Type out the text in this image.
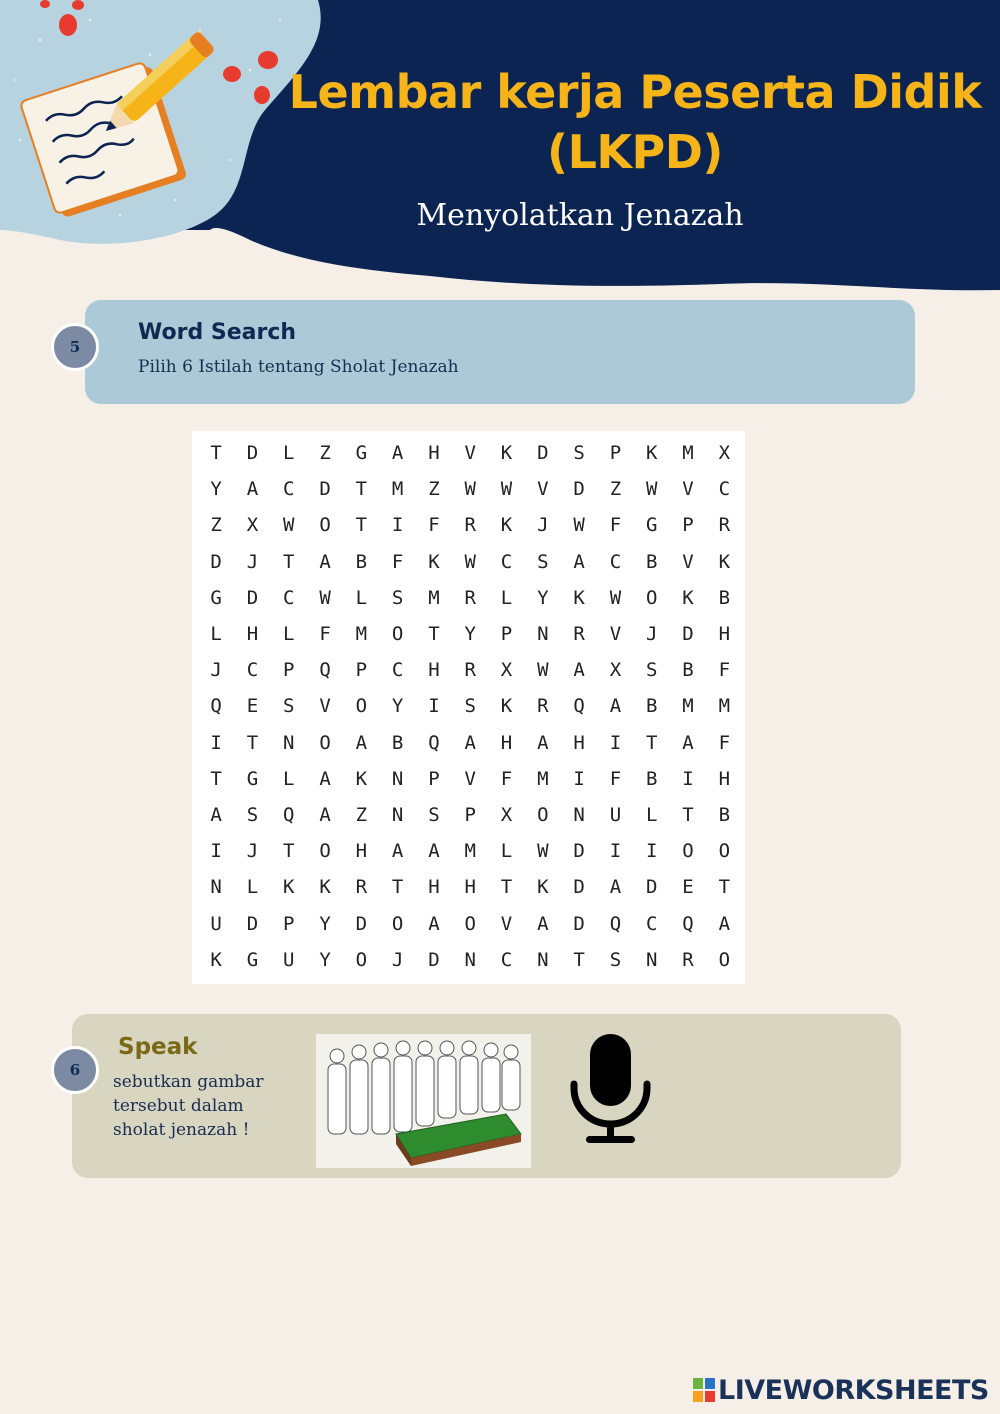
Lembar kerja Peserta Didik
(LKPD)
Menyolatkan Jenazah
5
Word Search
Pilih 6 Istilah tentang Sholat Jenazah
T	D	L	Z	G	A	H	V	K	D	S	P	K	M	X
Y	A	C	D	T	M	Z	W	W	V	D	Z	W	V	C
Z	X	W	O	T	I	F	R	K	J	W	F	G	P	R
D	J	T	A	B	F	K	W	C	S	A	C	B	V	K
G	D	C	W	L	S	M	R	L	Y	K	W	O	K	B
L	H	L	F	M	O	T	Y	P	N	R	V	J	D	H
J	C	P	Q	P	C	H	R	X	W	A	X	S	B	F
Q	E	S	V	O	Y	I	S	K	R	Q	A	B	M	M
I	T	N	O	A	B	Q	A	H	A	H	I	T	A	F
T	G	L	A	K	N	P	V	F	M	I	F	B	I	H
A	S	Q	A	Z	N	S	P	X	O	N	U	L	T	B
I	J	T	O	H	A	A	M	L	W	D	I	I	O	O
N	L	K	K	R	T	H	H	T	K	D	A	D	E	T
U	D	P	Y	D	O	A	O	V	A	D	Q	C	Q	A
K	G	U	Y	O	J	D	N	C	N	T	S	N	R	O
6
Speak
sebutkan gambar
tersebut dalam
sholat jenazah !
LIVEWORKSHEETS
